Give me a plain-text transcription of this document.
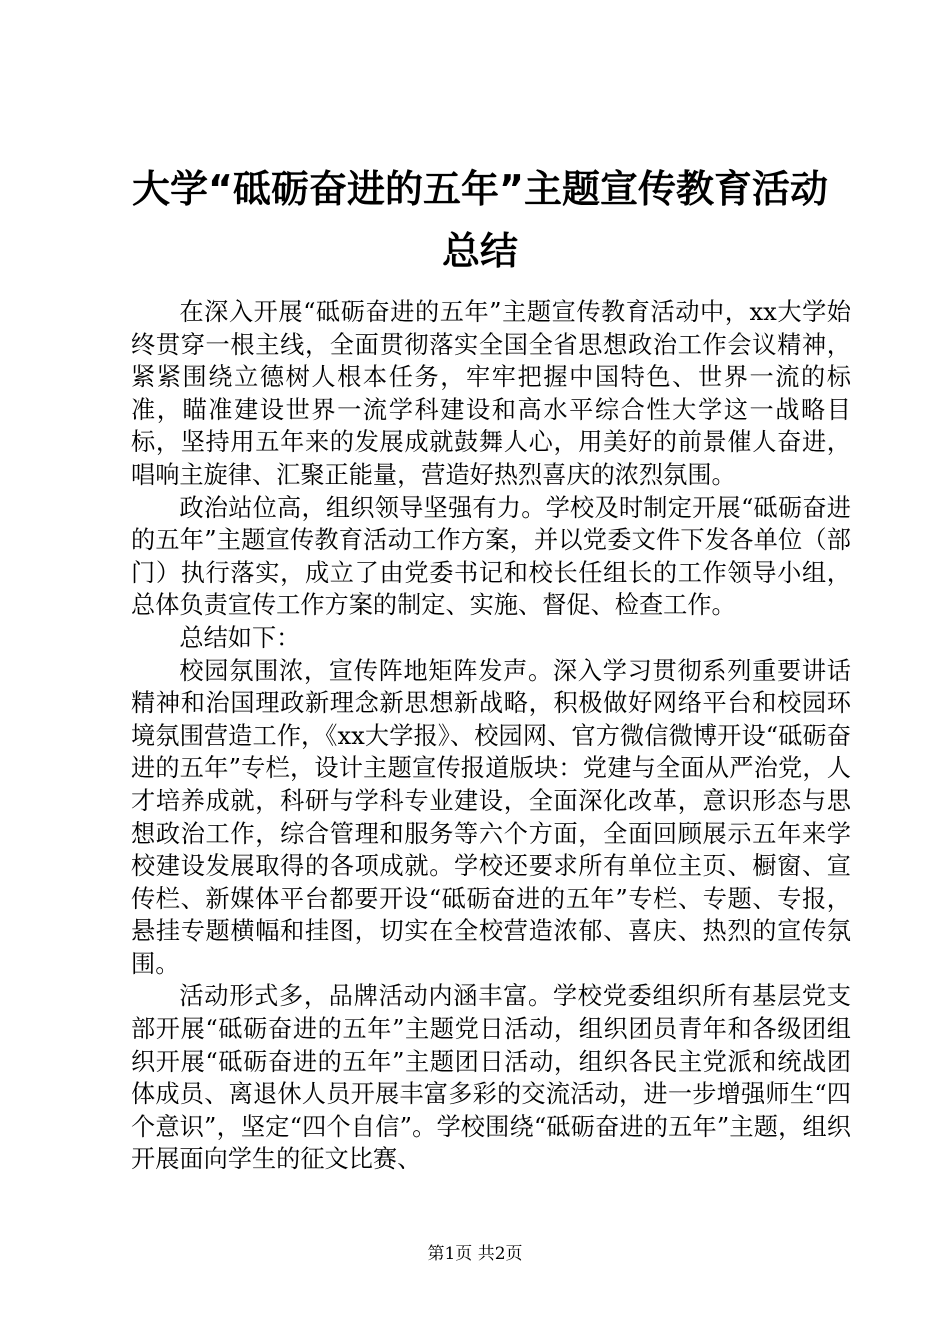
大学“砥砺奋进的五年”主题宣传教育活动总结

在深入开展“砥砺奋进的五年”主题宣传教育活动中，xx大学始终贯穿一根主线，全面贯彻落实全国全省思想政治工作会议精神，紧紧围绕立德树人根本任务，牢牢把握中国特色、世界一流的标准，瞄准建设世界一流学科建设和高水平综合性大学这一战略目标，坚持用五年来的发展成就鼓舞人心，用美好的前景催人奋进，唱响主旋律、汇聚正能量，营造好热烈喜庆的浓烈氛围。

政治站位高，组织领导坚强有力。学校及时制定开展“砥砺奋进的五年”主题宣传教育活动工作方案，并以党委文件下发各单位（部门）执行落实，成立了由党委书记和校长任组长的工作领导小组，总体负责宣传工作方案的制定、实施、督促、检查工作。

总结如下：

校园氛围浓，宣传阵地矩阵发声。深入学习贯彻系列重要讲话精神和治国理政新理念新思想新战略，积极做好网络平台和校园环境氛围营造工作，《xx大学报》、校园网、官方微信微博开设“砥砺奋进的五年”专栏，设计主题宣传报道版块：党建与全面从严治党，人才培养成就，科研与学科专业建设，全面深化改革，意识形态与思想政治工作，综合管理和服务等六个方面，全面回顾展示五年来学校建设发展取得的各项成就。学校还要求所有单位主页、橱窗、宣传栏、新媒体平台都要开设“砥砺奋进的五年”专栏、专题、专报，悬挂专题横幅和挂图，切实在全校营造浓郁、喜庆、热烈的宣传氛围。

活动形式多，品牌活动内涵丰富。学校党委组织所有基层党支部开展“砥砺奋进的五年”主题党日活动，组织团员青年和各级团组织开展“砥砺奋进的五年”主题团日活动，组织各民主党派和统战团体成员、离退休人员开展丰富多彩的交流活动，进一步增强师生“四个意识”，坚定“四个自信”。学校围绕“砥砺奋进的五年”主题，组织开展面向学生的征文比赛、

第1页 共2页
